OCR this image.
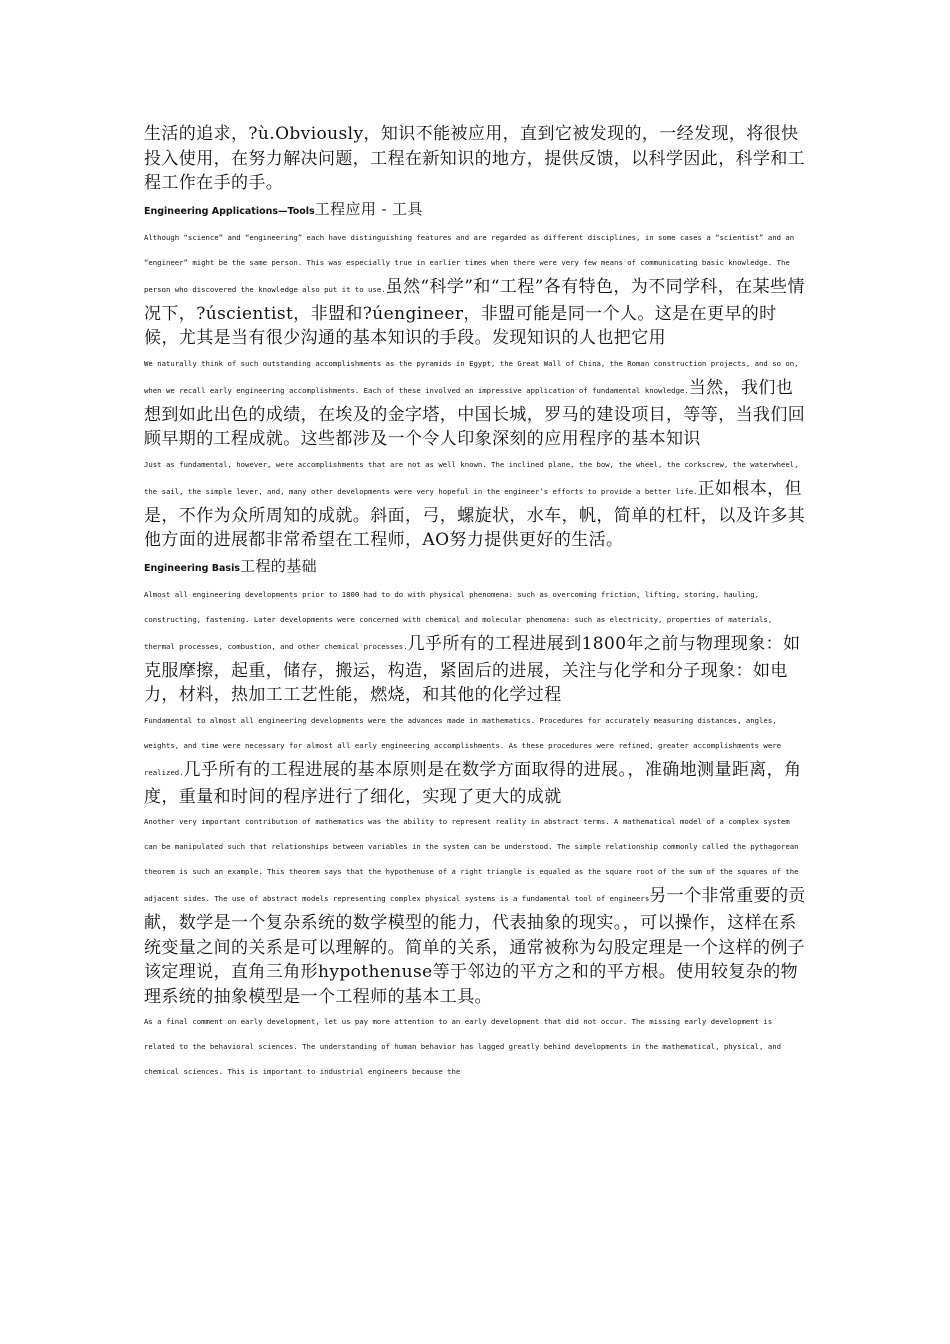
生活的追求，?ù.Obviously，知识不能被应用，直到它被发现的，一经发现，将很快投入使用，在努力解决问题，工程在新知识的地方，提供反馈，以科学因此，科学和工程工作在手的手。

Engineering Applications—Tools工程应用 - 工具

Although “science” and “engineering” each have distinguishing features and are regarded as different disciplines, in some cases a “scientist” and an “engineer” might be the same person. This was especially true in earlier times when there were very few means of communicating basic knowledge. The person who discovered the knowledge also put it to use.虽然“科学”和“工程”各有特色，为不同学科，在某些情况下，?úscientist，非盟和?úengineer，非盟可能是同一个人。这是在更早的时候，尤其是当有很少沟通的基本知识的手段。发现知识的人也把它用

We naturally think of such outstanding accomplishments as the pyramids in Egypt, the Great Wall of China, the Roman construction projects, and so on, when we recall early engineering accomplishments. Each of these involved an impressive application of fundamental knowledge.当然，我们也想到如此出色的成绩，在埃及的金字塔，中国长城，罗马的建设项目，等等，当我们回顾早期的工程成就。这些都涉及一个令人印象深刻的应用程序的基本知识

Just as fundamental, however, were accomplishments that are not as well known. The inclined plane, the bow, the wheel, the corkscrew, the waterwheel, the sail, the simple lever, and, many other developments were very hopeful in the engineer’s efforts to provide a better life.正如根本，但是，不作为众所周知的成就。斜面，弓，螺旋状，水车，帆，简单的杠杆，以及许多其他方面的进展都非常希望在工程师，AO努力提供更好的生活。

Engineering Basis工程的基础

Almost all engineering developments prior to 1800 had to do with physical phenomena: such as overcoming friction, lifting, storing, hauling, constructing, fastening. Later developments were concerned with chemical and molecular phenomena: such as electricity, properties of materials, thermal processes, combustion, and other chemical processes.几乎所有的工程进展到1800年之前与物理现象：如克服摩擦，起重，储存，搬运，构造，紧固后的进展，关注与化学和分子现象：如电力，材料，热加工工艺性能，燃烧，和其他的化学过程

Fundamental to almost all engineering developments were the advances made in mathematics. Procedures for accurately measuring distances, angles, weights, and time were necessary for almost all early engineering accomplishments. As these procedures were refined, greater accomplishments were realized.几乎所有的工程进展的基本原则是在数学方面取得的进展。，准确地测量距离，角度，重量和时间的程序进行了细化，实现了更大的成就

Another very important contribution of mathematics was the ability to represent reality in abstract terms. A mathematical model of a complex system can be manipulated such that relationships between variables in the system can be understood. The simple relationship commonly called the pythagorean theorem is such an example. This theorem says that the hypothenuse of a right triangle is equaled as the square root of the sum of the squares of the adjacent sides. The use of abstract models representing complex physical systems is a fundamental tool of engineers另一个非常重要的贡献，数学是一个复杂系统的数学模型的能力，代表抽象的现实。，可以操作，这样在系统变量之间的关系是可以理解的。简单的关系，通常被称为勾股定理是一个这样的例子该定理说，直角三角形hypothenuse等于邻边的平方之和的平方根。使用较复杂的物理系统的抽象模型是一个工程师的基本工具。

As a final comment on early development, let us pay more attention to an early development that did not occur. The missing early development is related to the behavioral sciences. The understanding of human behavior has lagged greatly behind developments in the mathematical, physical, and chemical sciences. This is important to industrial engineers because the
